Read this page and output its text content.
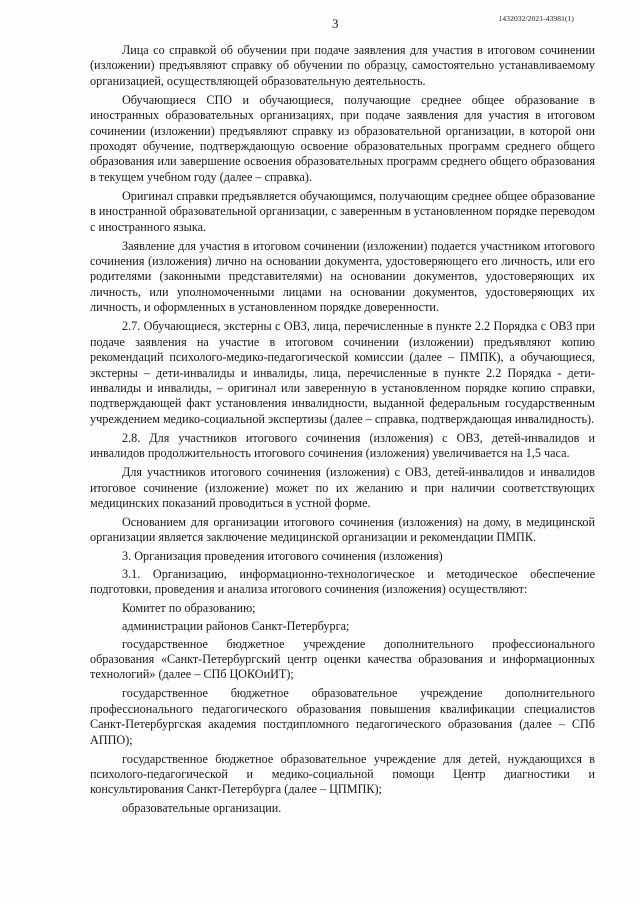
3	1432032/2021-43981(1)

Лица со справкой об обучении при подаче заявления для участия в итоговом сочинении (изложении) предъявляют справку об обучении по образцу, самостоятельно устанавливаемому организацией, осуществляющей образовательную деятельность.

Обучающиеся СПО и обучающиеся, получающие среднее общее образование в иностранных образовательных организациях, при подаче заявления для участия в итоговом сочинении (изложении) предъявляют справку из образовательной организации, в которой они проходят обучение, подтверждающую освоение образовательных программ среднего общего образования или завершение освоения образовательных программ среднего общего образования в текущем учебном году (далее – справка).

Оригинал справки предъявляется обучающимся, получающим среднее общее образование в иностранной образовательной организации, с заверенным в установленном порядке переводом с иностранного языка.

Заявление для участия в итоговом сочинении (изложении) подается участником итогового сочинения (изложения) лично на основании документа, удостоверяющего его личность, или его родителями (законными представителями) на основании документов, удостоверяющих их личность, или уполномоченными лицами на основании документов, удостоверяющих их личность, и оформленных в установленном порядке доверенности.

2.7. Обучающиеся, экстерны с ОВЗ, лица, перечисленные в пункте 2.2 Порядка с ОВЗ при подаче заявления на участие в итоговом сочинении (изложении) предъявляют копию рекомендаций психолого-медико-педагогической комиссии (далее – ПМПК), а обучающиеся, экстерны – дети-инвалиды и инвалиды, лица, перечисленные в пункте 2.2 Порядка - дети-инвалиды и инвалиды, – оригинал или заверенную в установленном порядке копию справки, подтверждающей факт установления инвалидности, выданной федеральным государственным учреждением медико-социальной экспертизы (далее – справка, подтверждающая инвалидность).

2.8. Для участников итогового сочинения (изложения) с ОВЗ, детей-инвалидов и инвалидов продолжительность итогового сочинения (изложения) увеличивается на 1,5 часа.

Для участников итогового сочинения (изложения) с ОВЗ, детей-инвалидов и инвалидов итоговое сочинение (изложение) может по их желанию и при наличии соответствующих медицинских показаний проводиться в устной форме.

Основанием для организации итогового сочинения (изложения) на дому, в медицинской организации является заключение медицинской организации и рекомендации ПМПК.

3. Организация проведения итогового сочинения (изложения)

3.1. Организацию, информационно-технологическое и методическое обеспечение подготовки, проведения и анализа итогового сочинения (изложения) осуществляют:

Комитет по образованию;

администрации районов Санкт-Петербурга;

государственное бюджетное учреждение дополнительного профессионального образования «Санкт-Петербургский центр оценки качества образования и информационных технологий» (далее – СПб ЦОКОиИТ);

государственное бюджетное образовательное учреждение дополнительного профессионального педагогического образования повышения квалификации специалистов Санкт-Петербургская академия постдипломного педагогического образования (далее – СПб АППО);

государственное бюджетное образовательное учреждение для детей, нуждающихся в психолого-педагогической и медико-социальной помощи Центр диагностики и консультирования Санкт-Петербурга (далее – ЦПМПК);

образовательные организации.
